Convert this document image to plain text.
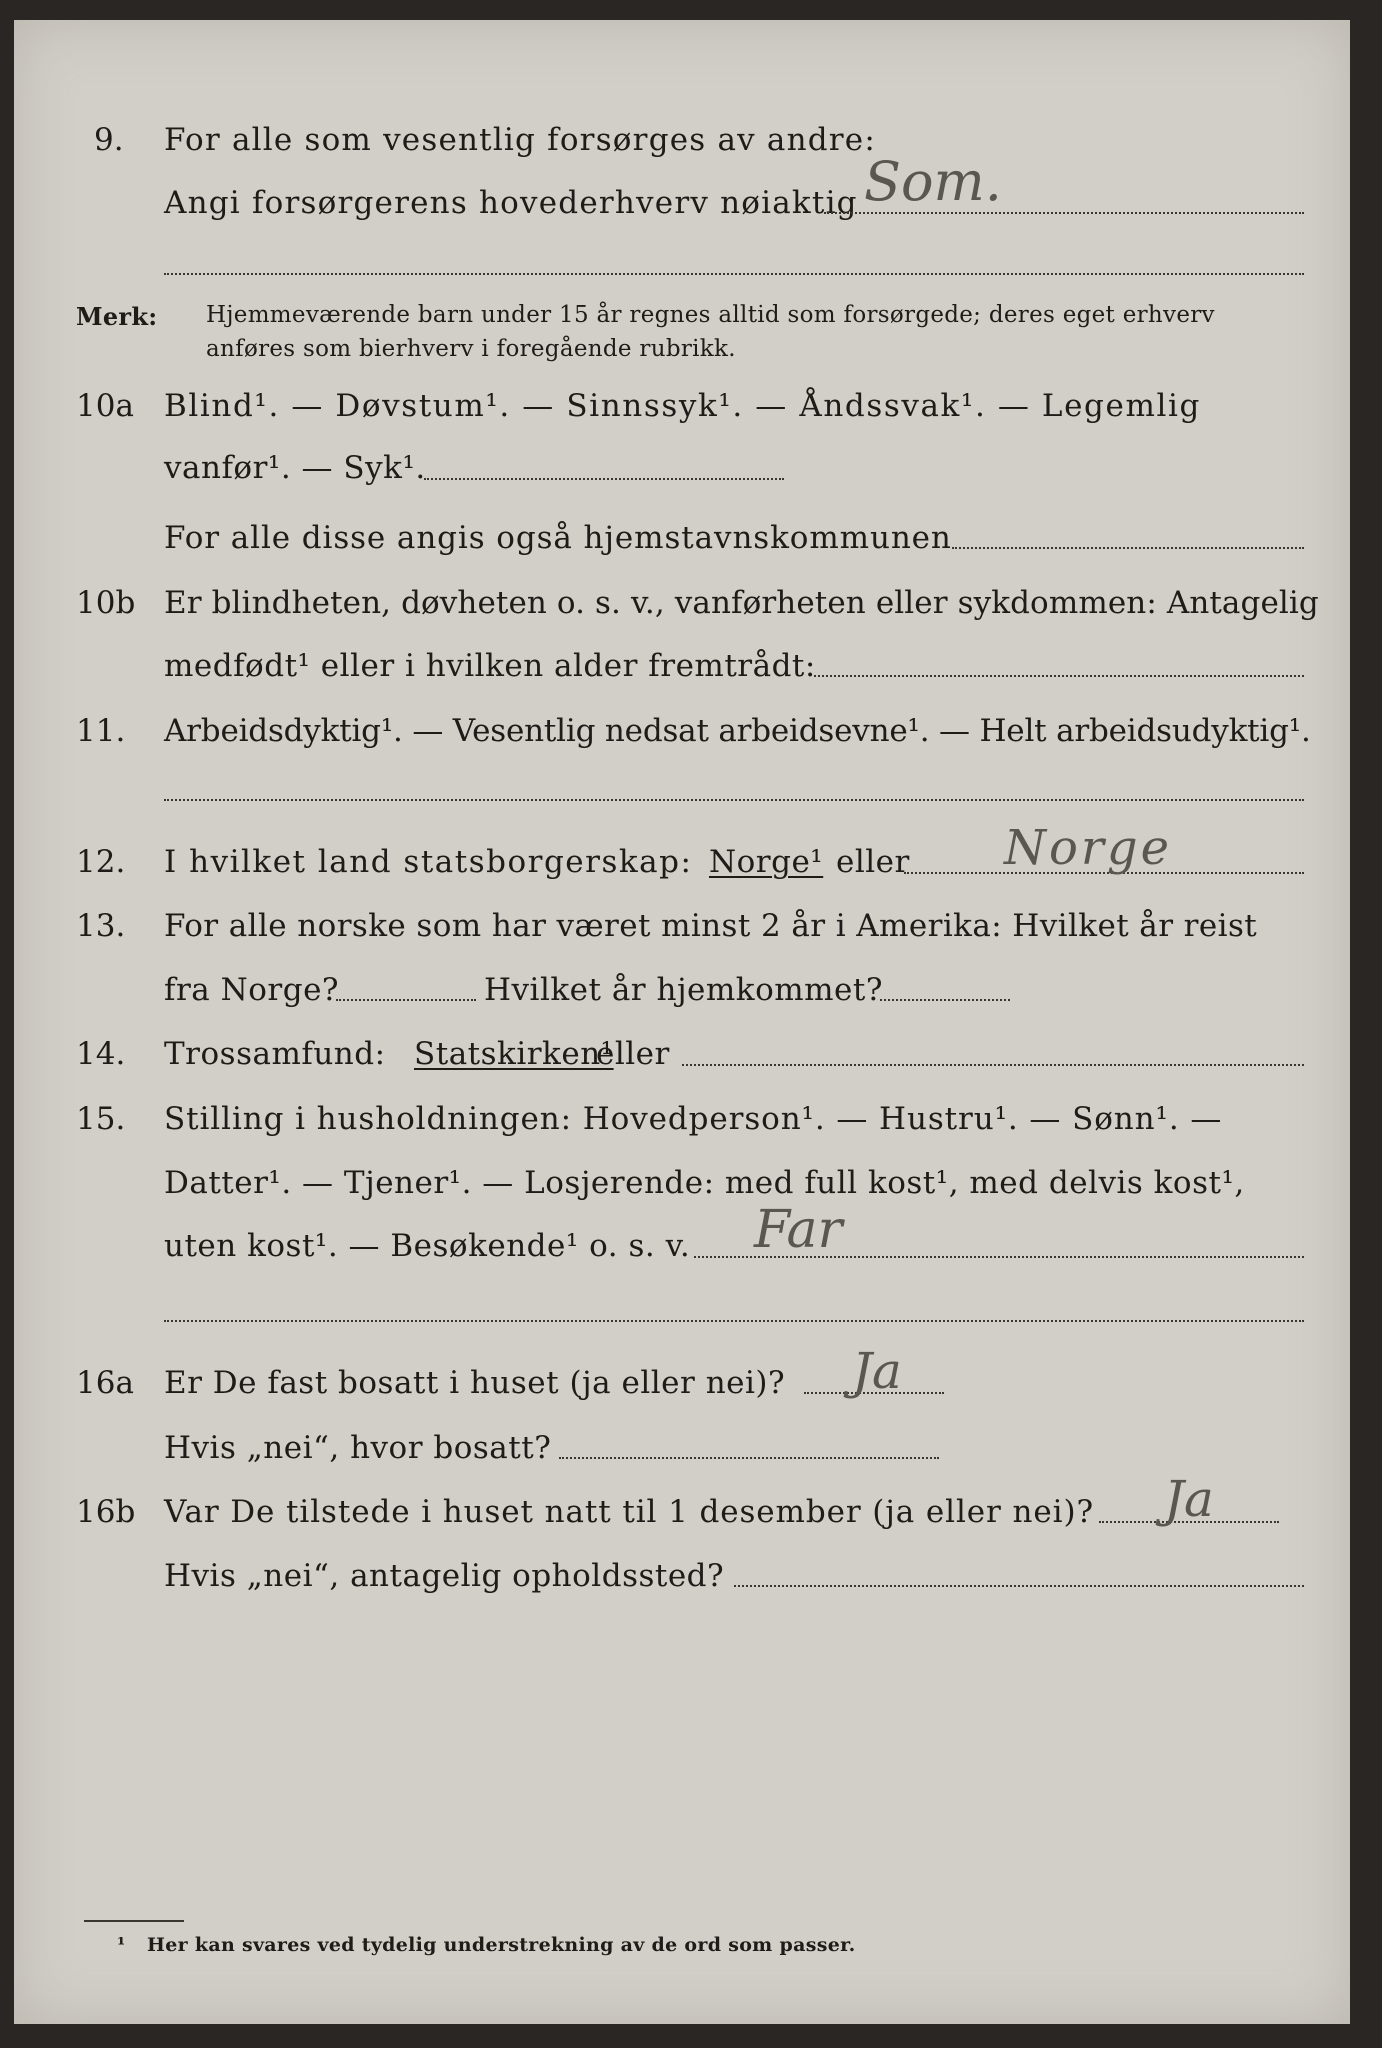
9. For alle som vesentlig forsørges av andre:
Angi forsørgerens hovederhverv nøiaktig Som.
Merk: Hjemmeværende barn under 15 år regnes alltid som forsørgede; deres eget erhverv
anføres som bierhverv i foregående rubrikk.
10a Blind¹. — Døvstum¹. — Sinnssyk¹. — Åndssvak¹. — Legemlig
vanfør¹. — Syk¹.
For alle disse angis også hjemstavnskommunen
10b Er blindheten, døvheten o. s. v., vanførheten eller sykdommen: Antagelig
medfødt¹ eller i hvilken alder fremtrådt:
11. Arbeidsdyktig¹. — Vesentlig nedsat arbeidsevne¹. — Helt arbeidsudyktig¹.
12. I hvilket land statsborgerskap: Norge¹ eller Norge
13. For alle norske som har været minst 2 år i Amerika: Hvilket år reist
fra Norge?	Hvilket år hjemkommet?
14. Trossamfund: Statskirken¹
eller
15. Stilling i husholdningen: Hovedperson¹. — Hustru¹. — Sønn¹. —
Datter¹. — Tjener¹. — Losjerende: med full kost¹, med delvis kost¹,
uten kost¹. — Besøkende¹ o. s. v. Far
16a Er De fast bosatt i huset (ja eller nei)? Ja
Hvis „nei“, hvor bosatt?
16b Var De tilstede i huset natt til 1 desember (ja eller nei)? Ja
Hvis „nei“, antagelig opholdssted?
¹ Her kan svares ved tydelig understrekning av de ord som passer.
